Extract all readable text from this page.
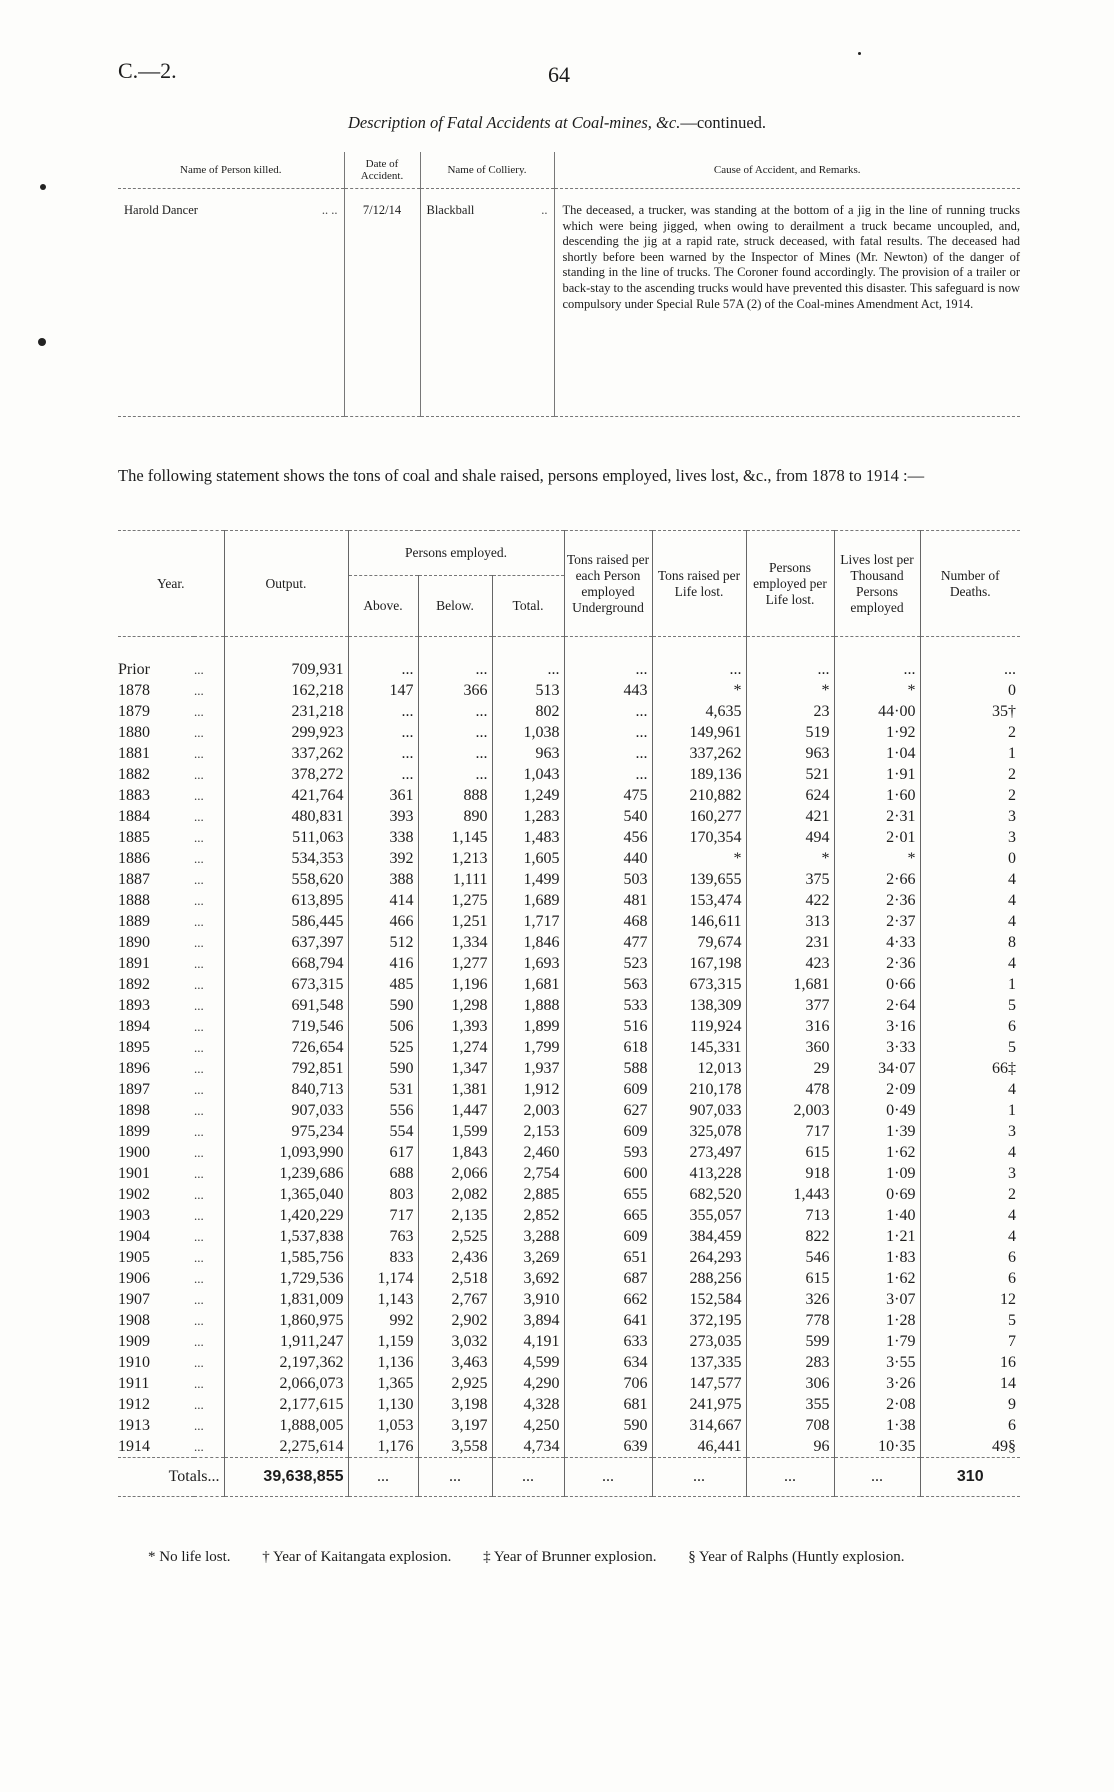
C.—2.	64
Description of Fatal Accidents at Coal-mines, &c.—continued.
Name of Person killed.	Date of Accident.	Name of Colliery.	Cause of Accident, and Remarks.
Harold Dancer .. ..	7/12/14	Blackball ..	The deceased, a trucker, was standing at the bottom of a jig in the line of running trucks which were being jigged, when owing to derailment a truck became uncoupled, and, descending the jig at a rapid rate, struck deceased, with fatal results. The deceased had shortly before been warned by the Inspector of Mines (Mr. Newton) of the danger of standing in the line of trucks. The Coroner found accordingly. The provision of a trailer or back-stay to the ascending trucks would have prevented this disaster. This safeguard is now compulsory under Special Rule 57A (2) of the Coal-mines Amendment Act, 1914.
The following statement shows the tons of coal and shale raised, persons employed, lives lost, &c., from 1878 to 1914 :—
Year.		Output.	Persons employed.			Tons raised per each Person employed Underground	Tons raised per Life lost.	Persons employed per Life lost.	Lives lost per Thousand Persons employed	Number of Deaths.
			Above.	Below.	Total.					
Prior	...	709,931	...	...	...	...	...	...	...	...
1878	...	162,218	147	366	513	443	*	*	*	0
1879	...	231,218	...	...	802	...	4,635	23	44·00	35†
1880	...	299,923	...	...	1,038	...	149,961	519	1·92	2
1881	...	337,262	...	...	963	...	337,262	963	1·04	1
1882	...	378,272	...	...	1,043	...	189,136	521	1·91	2
1883	...	421,764	361	888	1,249	475	210,882	624	1·60	2
1884	...	480,831	393	890	1,283	540	160,277	421	2·31	3
1885	...	511,063	338	1,145	1,483	456	170,354	494	2·01	3
1886	...	534,353	392	1,213	1,605	440	*	*	*	0
1887	...	558,620	388	1,111	1,499	503	139,655	375	2·66	4
1888	...	613,895	414	1,275	1,689	481	153,474	422	2·36	4
1889	...	586,445	466	1,251	1,717	468	146,611	313	2·37	4
1890	...	637,397	512	1,334	1,846	477	79,674	231	4·33	8
1891	...	668,794	416	1,277	1,693	523	167,198	423	2·36	4
1892	...	673,315	485	1,196	1,681	563	673,315	1,681	0·66	1
1893	...	691,548	590	1,298	1,888	533	138,309	377	2·64	5
1894	...	719,546	506	1,393	1,899	516	119,924	316	3·16	6
1895	...	726,654	525	1,274	1,799	618	145,331	360	3·33	5
1896	...	792,851	590	1,347	1,937	588	12,013	29	34·07	66‡
1897	...	840,713	531	1,381	1,912	609	210,178	478	2·09	4
1898	...	907,033	556	1,447	2,003	627	907,033	2,003	0·49	1
1899	...	975,234	554	1,599	2,153	609	325,078	717	1·39	3
1900	...	1,093,990	617	1,843	2,460	593	273,497	615	1·62	4
1901	...	1,239,686	688	2,066	2,754	600	413,228	918	1·09	3
1902	...	1,365,040	803	2,082	2,885	655	682,520	1,443	0·69	2
1903	...	1,420,229	717	2,135	2,852	665	355,057	713	1·40	4
1904	...	1,537,838	763	2,525	3,288	609	384,459	822	1·21	4
1905	...	1,585,756	833	2,436	3,269	651	264,293	546	1·83	6
1906	...	1,729,536	1,174	2,518	3,692	687	288,256	615	1·62	6
1907	...	1,831,009	1,143	2,767	3,910	662	152,584	326	3·07	12
1908	...	1,860,975	992	2,902	3,894	641	372,195	778	1·28	5
1909	...	1,911,247	1,159	3,032	4,191	633	273,035	599	1·79	7
1910	...	2,197,362	1,136	3,463	4,599	634	137,335	283	3·55	16
1911	...	2,066,073	1,365	2,925	4,290	706	147,577	306	3·26	14
1912	...	2,177,615	1,130	3,198	4,328	681	241,975	355	2·08	9
1913	...	1,888,005	1,053	3,197	4,250	590	314,667	708	1·38	6
1914	...	2,275,614	1,176	3,558	4,734	639	46,441	96	10·35	49§
Totals...		39,638,855	...	...	...	...	...	...	...	310
* No life lost. † Year of Kaitangata explosion. ‡ Year of Brunner explosion. § Year of Ralphs (Huntly explosion.
